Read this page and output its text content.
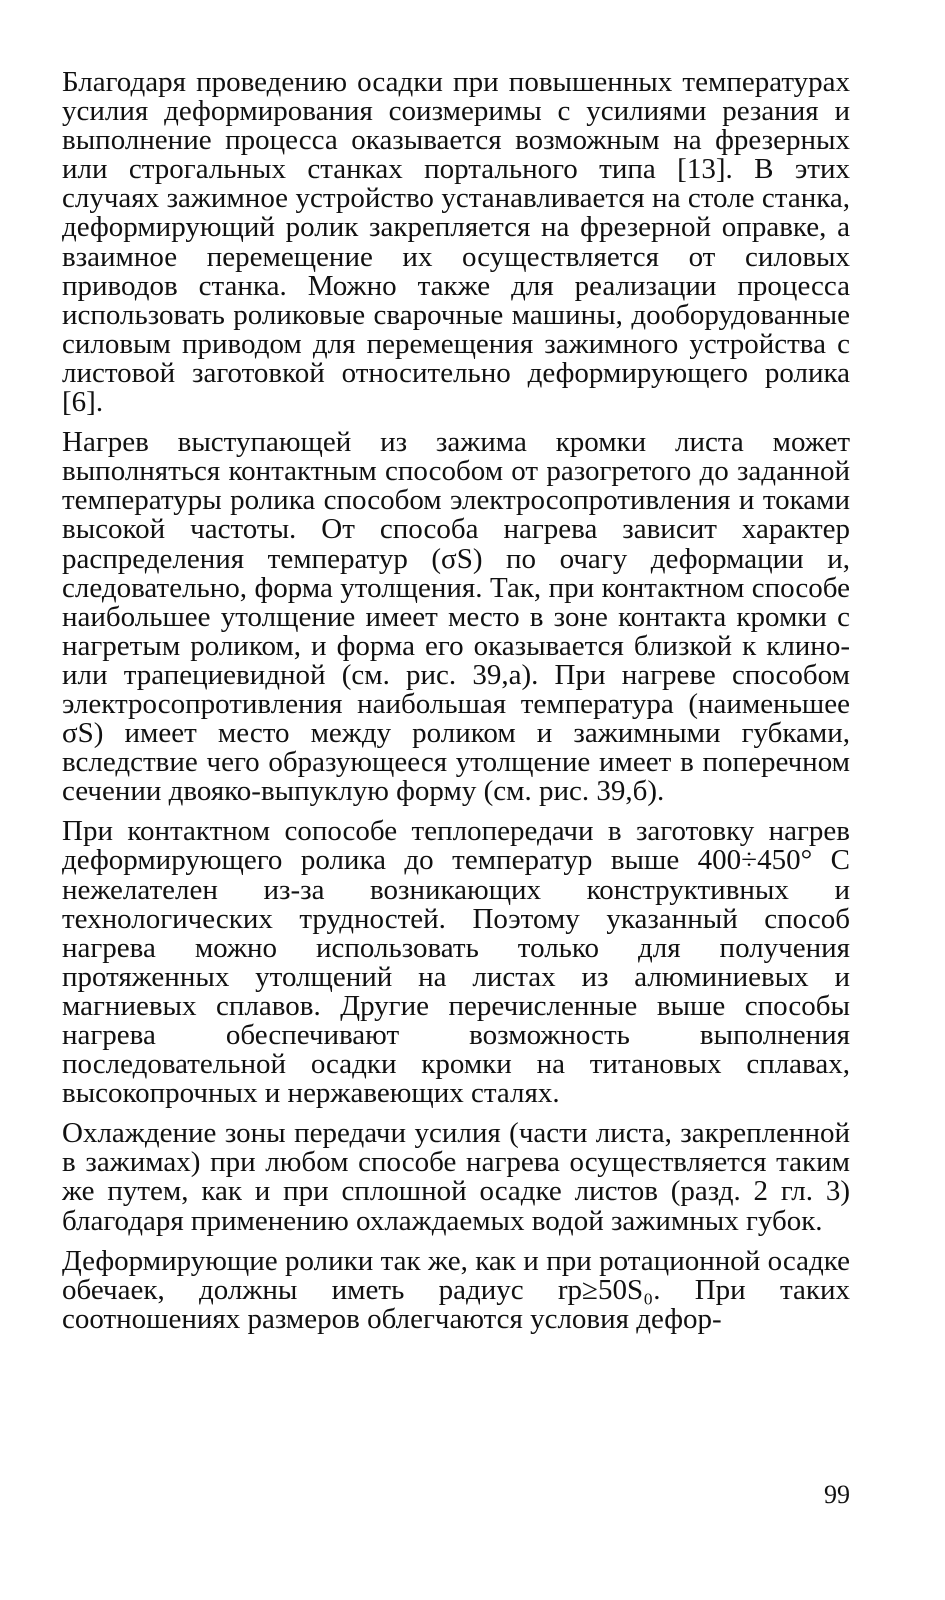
Благодаря проведению осадки при повышенных температурах усилия деформирования соизмеримы с усилиями резания и выполнение процесса оказывается возможным на фрезерных или строгальных станках портального типа [13]. В этих случаях зажимное устройство устанавливается на столе станка, деформирующий ролик закрепляется на фрезерной оправке, а взаимное перемещение их осуществляется от силовых приводов станка. Можно также для реализации процесса использовать роликовые сварочные машины, дооборудованные силовым приводом для перемещения зажимного устройства с листовой заготовкой относительно деформирующего ролика [6].

Нагрев выступающей из зажима кромки листа может выполняться контактным способом от разогретого до заданной температуры ролика способом электросопротивления и токами высокой частоты. От способа нагрева зависит характер распределения температур (σS) по очагу деформации и, следовательно, форма утолщения. Так, при контактном способе наибольшее утолщение имеет место в зоне контакта кромки с нагретым роликом, и форма его оказывается близкой к клино- или трапециевидной (см. рис. 39,а). При нагреве способом электросопротивления наибольшая температура (наименьшее σS) имеет место между роликом и зажимными губками, вследствие чего образующееся утолщение имеет в поперечном сечении двояко-выпуклую форму (см. рис. 39,б).

При контактном сопособе теплопередачи в заготовку нагрев деформирующего ролика до температур выше 400÷450° С нежелателен из-за возникающих конструктивных и технологических трудностей. Поэтому указанный способ нагрева можно использовать только для получения протяженных утолщений на листах из алюминиевых и магниевых сплавов. Другие перечисленные выше способы нагрева обеспечивают возможность выполнения последовательной осадки кромки на титановых сплавах, высокопрочных и нержавеющих сталях.

Охлаждение зоны передачи усилия (части листа, закрепленной в зажимах) при любом способе нагрева осуществляется таким же путем, как и при сплошной осадке листов (разд. 2 гл. 3) благодаря применению охлаждаемых водой зажимных губок.

Деформирующие ролики так же, как и при ротационной осадке обечаек, должны иметь радиус rр≥50S₀. При таких соотношениях размеров облегчаются условия дефор-

99
